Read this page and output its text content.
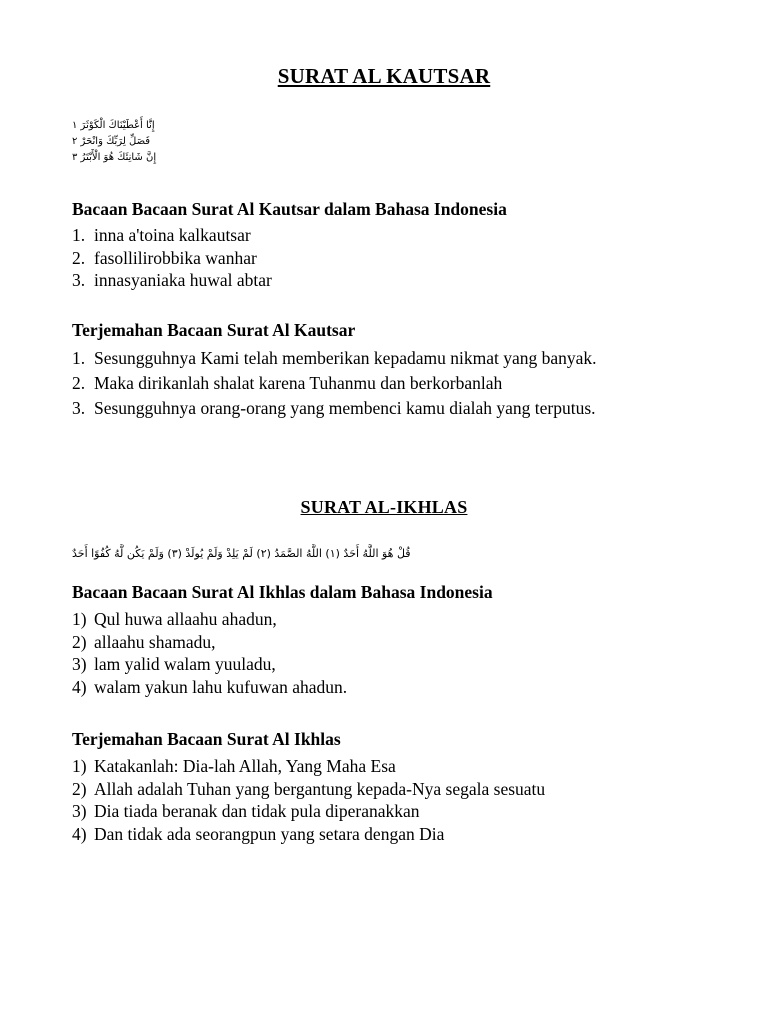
SURAT AL KAUTSAR
إِنَّا أَعْطَيْنَاكَ الْكَوْثَرَ ١
فَصَلِّ لِرَبِّكَ وَانْحَرْ ٢
إِنَّ شَانِئَكَ هُوَ الْأَبْتَرُ ٣
Bacaan Bacaan Surat Al Kautsar dalam Bahasa Indonesia
1. inna a'toina kalkautsar
2. fasollilirobbika wanhar
3. innasyaniaka huwal abtar
Terjemahan Bacaan Surat Al Kautsar
1. Sesungguhnya Kami telah memberikan kepadamu nikmat yang banyak.
2. Maka dirikanlah shalat karena Tuhanmu dan berkorbanlah
3. Sesungguhnya orang-orang yang membenci kamu dialah yang terputus.
SURAT AL-IKHLAS
قُلْ هُوَ اللَّهُ أَحَدٌ (١) اللَّهُ الصَّمَدُ (٢) لَمْ يَلِدْ وَلَمْ يُولَدْ (٣) وَلَمْ يَكُن لَّهُ كُفُوًا أَحَدٌ
Bacaan Bacaan Surat Al Ikhlas dalam Bahasa Indonesia
1) Qul huwa allaahu ahadun,
2) allaahu shamadu,
3) lam yalid walam yuuladu,
4) walam yakun lahu kufuwan ahadun.
Terjemahan Bacaan Surat Al Ikhlas
1) Katakanlah: Dia-lah Allah, Yang Maha Esa
2) Allah adalah Tuhan yang bergantung kepada-Nya segala sesuatu
3) Dia tiada beranak dan tidak pula diperanakkan
4) Dan tidak ada seorangpun yang setara dengan Dia
